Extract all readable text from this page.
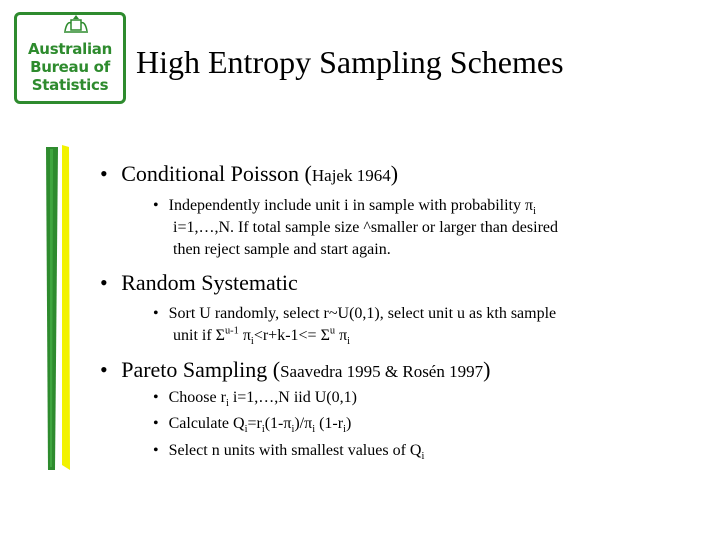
Australian
Bureau of
Statistics
High Entropy Sampling Schemes
• Conditional Poisson (Hajek 1964)
• Independently include unit i in sample with probability $\pi_i$
i=1,…,N. If total sample size ^smaller or larger than desired
then reject sample and start again.
• Random Systematic
• Sort U randomly, select r~U(0,1), select unit u as kth sample
unit if $\Sigma^{u-1}$ $\pi_i<r+k-1<= \Sigma^u$ $\pi_i$
• Pareto Sampling (Saavedra 1995 & Rosén 1997)
• Choose $r_i$ i=1,…,N iid U(0,1)
• Calculate $Q_i=r_i(1-\pi_i)/\pi_i$ $(1-r_i)$
• Select n units with smallest values of $Q_i$
